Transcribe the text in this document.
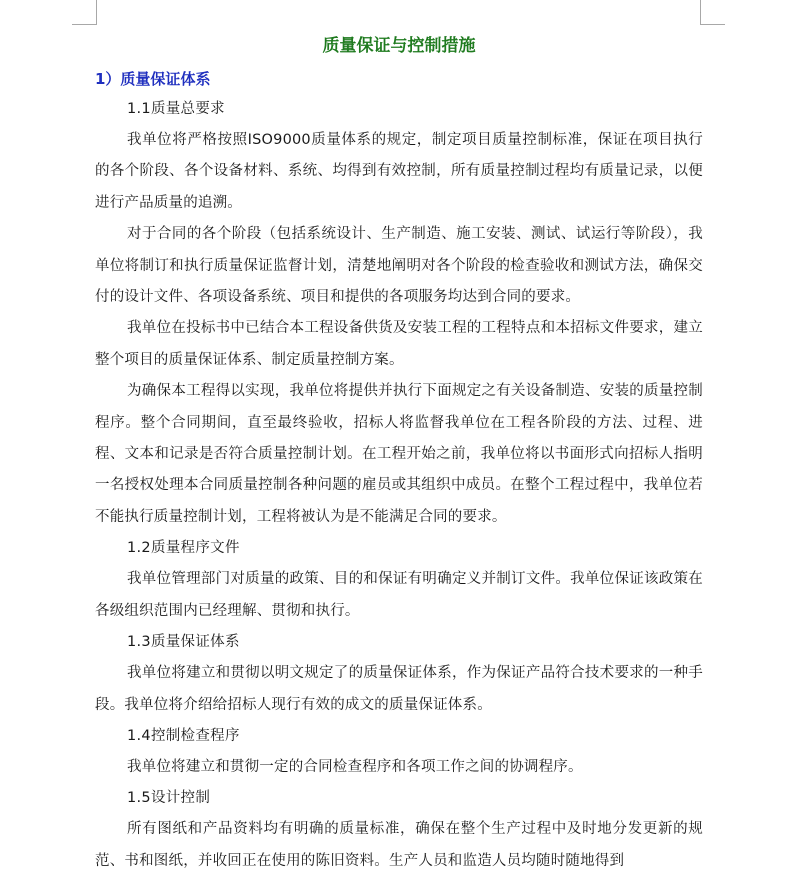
质量保证与控制措施
1）质量保证体系
1.1质量总要求

我单位将严格按照ISO9000质量体系的规定，制定项目质量控制标准，保证在项目执行的各个阶段、各个设备材料、系统、均得到有效控制，所有质量控制过程均有质量记录，以便进行产品质量的追溯。

对于合同的各个阶段（包括系统设计、生产制造、施工安装、测试、试运行等阶段），我单位将制订和执行质量保证监督计划，清楚地阐明对各个阶段的检查验收和测试方法，确保交付的设计文件、各项设备系统、项目和提供的各项服务均达到合同的要求。

我单位在投标书中已结合本工程设备供货及安装工程的工程特点和本招标文件要求，建立整个项目的质量保证体系、制定质量控制方案。

为确保本工程得以实现，我单位将提供并执行下面规定之有关设备制造、安装的质量控制程序。整个合同期间，直至最终验收，招标人将监督我单位在工程各阶段的方法、过程、进程、文本和记录是否符合质量控制计划。在工程开始之前，我单位将以书面形式向招标人指明一名授权处理本合同质量控制各种问题的雇员或其组织中成员。在整个工程过程中，我单位若不能执行质量控制计划，工程将被认为是不能满足合同的要求。

1.2质量程序文件

我单位管理部门对质量的政策、目的和保证有明确定义并制订文件。我单位保证该政策在各级组织范围内已经理解、贯彻和执行。

1.3质量保证体系

我单位将建立和贯彻以明文规定了的质量保证体系，作为保证产品符合技术要求的一种手段。我单位将介绍给招标人现行有效的成文的质量保证体系。

1.4控制检查程序

我单位将建立和贯彻一定的合同检查程序和各项工作之间的协调程序。

1.5设计控制

所有图纸和产品资料均有明确的质量标准，确保在整个生产过程中及时地分发更新的规范、书和图纸，并收回正在使用的陈旧资料。生产人员和监造人员均随时随地得到
